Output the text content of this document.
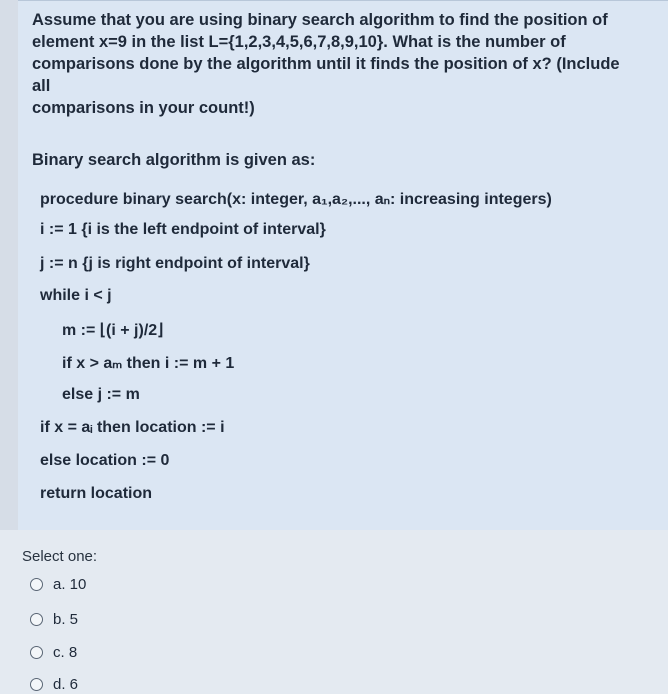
Assume that you are using binary search algorithm to find the position of
element x=9 in the list L={1,2,3,4,5,6,7,8,9,10}. What is the number of
comparisons done by the algorithm until it finds the position of x? (Include all
comparisons in your count!)
Binary search algorithm is given as:
procedure binary search(x: integer, a₁,a₂,..., aₙ: increasing integers)
i := 1 {i is the left endpoint of interval}
j := n {j is right endpoint of interval}
while i < j
m := ⌊(i + j)/2⌋
if x > aₘ then i := m + 1
else j := m
if x = aᵢ then location := i
else location := 0
return location
Select one:
a. 10
b. 5
c. 8
d. 6
